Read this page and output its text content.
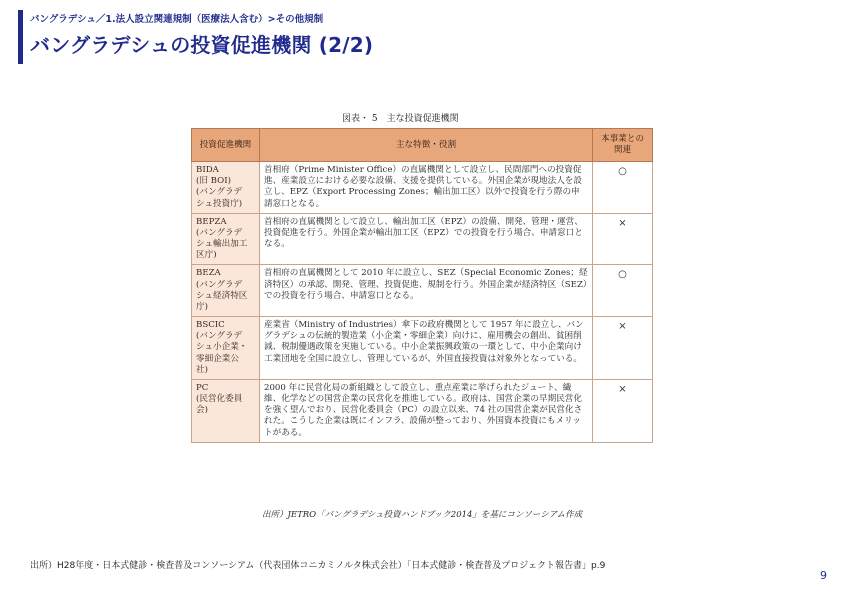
バングラデシュ／1.法人設立関連規制（医療法人含む）>その他規制
バングラデシュの投資促進機関 (2/2)
図表・ 5　主な投資促進機関
投資促進機関	主な特徴・役割	本事業との関連

BIDA
(旧 BOI)
(バングラデ
シュ投資庁)	首相府（Prime Minister Office）の直属機関として設立し、民間部門への投資促進、産業設立における必要な設備、支援を提供している。外国企業が現地法人を設立し、EPZ（Export Processing Zones；輸出加工区）以外で投資を行う際の申請窓口となる。	○

BEPZA
(バングラデ
シュ輸出加工
区庁)	首相府の直属機関として設立し、輸出加工区（EPZ）の設備、開発、管理・運営、投資促進を行う。外国企業が輸出加工区（EPZ）での投資を行う場合、申請窓口となる。	×

BEZA
(バングラデ
シュ経済特区
庁)	首相府の直属機関として 2010 年に設立し、SEZ（Special Economic Zones；経済特区）の承認、開発、管理、投資促進、規制を行う。外国企業が経済特区（SEZ）での投資を行う場合、申請窓口となる。	○

BSCIC
(バングラデ
シュ小企業・
零細企業公
社)	産業省（Ministry of Industries）傘下の政府機関として 1957 年に設立し、バングラデシュの伝統的製造業（小企業・零細企業）向けに、雇用機会の創出、貧困削減、税制優遇政策を実施している。中小企業振興政策の一環として、中小企業向け工業団地を全国に設立し、管理しているが、外国直接投資は対象外となっている。	×

PC
(民営化委員
会)	2000 年に民営化局の新組織として設立し、重点産業に挙げられたジュート、繊維、化学などの国営企業の民営化を推進している。政府は、国営企業の早期民営化を強く望んでおり、民営化委員会（PC）の設立以来、74 社の国営企業が民営化された。こうした企業は既にインフラ、設備が整っており、外国資本投資にもメリットがある。	×
出所）JETRO「バングラデシュ投資ハンドブック2014」を基にコンソーシアム作成
出所）H28年度・日本式健診・検査普及コンソーシアム（代表団体コニカミノルタ株式会社）「日本式健診・検査普及プロジェクト報告書」p.9
9
